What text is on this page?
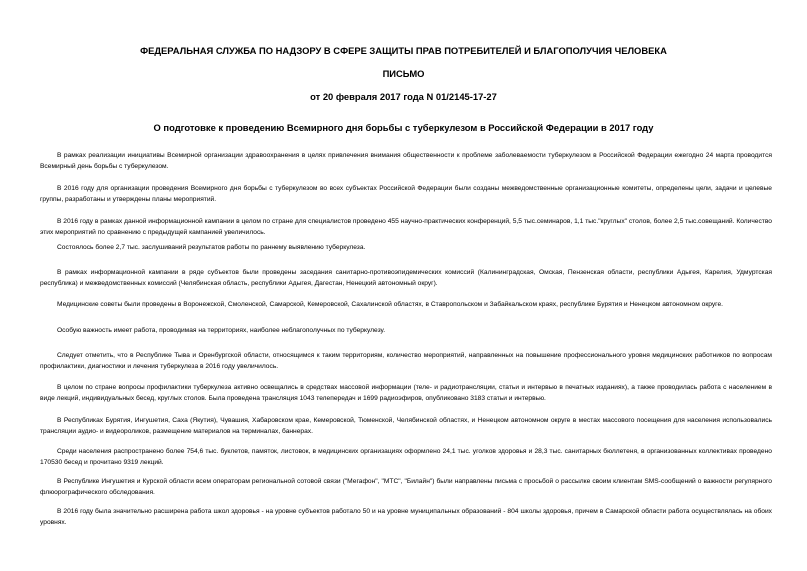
ФЕДЕРАЛЬНАЯ СЛУЖБА ПО НАДЗОРУ В СФЕРЕ ЗАЩИТЫ ПРАВ ПОТРЕБИТЕЛЕЙ И БЛАГОПОЛУЧИЯ ЧЕЛОВЕКА
ПИСЬМО
от 20 февраля 2017 года N 01/2145-17-27
О подготовке к проведению Всемирного дня борьбы с туберкулезом в Российской Федерации в 2017 году
В рамках реализации инициативы Всемирной организации здравоохранения в целях привлечения внимания общественности к проблеме заболеваемости туберкулезом в Российской Федерации ежегодно 24 марта проводится Всемирный день борьбы с туберкулезом.
В 2016 году для организации проведения Всемирного дня борьбы с туберкулезом во всех субъектах Российской Федерации были созданы межведомственные организационные комитеты, определены цели, задачи и целевые группы, разработаны и утверждены планы мероприятий.
В 2016 году в рамках данной информационной кампании в целом по стране для специалистов проведено 455 научно-практических конференций, 5,5 тыс.семинаров, 1,1 тыс."круглых" столов, более 2,5 тыс.совещаний. Количество этих мероприятий по сравнению с предыдущей кампанией увеличилось.
Состоялось более 2,7 тыс. заслушиваний результатов работы по раннему выявлению туберкулеза.
В рамках информационной кампании в ряде субъектов были проведены заседания санитарно-противоэпидемических комиссий (Калининградская, Омская, Пензенская области, республики Адыгея, Карелия, Удмуртская республика) и межведомственных комиссий (Челябинская область, республики Адыгея, Дагестан, Ненецкий автономный округ).
Медицинские советы были проведены в Воронежской, Смоленской, Самарской, Кемеровской, Сахалинской областях, в Ставропольском и Забайкальском краях, республике Бурятия и Ненецком автономном округе.
Особую важность имеет работа, проводимая на территориях, наиболее неблагополучных по туберкулезу.
Следует отметить, что в Республике Тыва и Оренбургской области, относящимся к таким территориям, количество мероприятий, направленных на повышение профессионального уровня медицинских работников по вопросам профилактики, диагностики и лечения туберкулеза в 2016 году увеличилось.
В целом по стране вопросы профилактики туберкулеза активно освещались в средствах массовой информации (теле- и радиотрансляции, статьи и интервью в печатных изданиях), а также проводилась работа с населением в виде лекций, индивидуальных бесед, круглых столов. Была проведена трансляция 1043 телепередач и 1699 радиоэфиров, опубликовано 3183 статьи и интервью.
В Республиках Бурятия, Ингушетия, Саха (Якутия), Чувашия, Хабаровском крае, Кемеровской, Тюменской, Челябинской областях, и Ненецком автономном округе в местах массового посещения для населения использовались трансляции аудио- и видеороликов, размещение материалов на терминалах, баннерах.
Среди населения распространено более 754,6 тыс. буклетов, памяток, листовок, в медицинских организациях оформлено 24,1 тыс. уголков здоровья и 28,3 тыс. санитарных бюллетеня, в организованных коллективах проведено 170530 бесед и прочитано 9319 лекций.
В Республике Ингушетия и Курской области всем операторам региональной сотовой связи ("Мегафон", "МТС", "Билайн") были направлены письма с просьбой о рассылке своим клиентам SMS-сообщений о важности регулярного флюорографического обследования.
В 2016 году была значительно расширена работа школ здоровья - на уровне субъектов работало 50 и на уровне муниципальных образований - 804 школы здоровья, причем в Самарской области работа осуществлялась на обоих уровнях.
